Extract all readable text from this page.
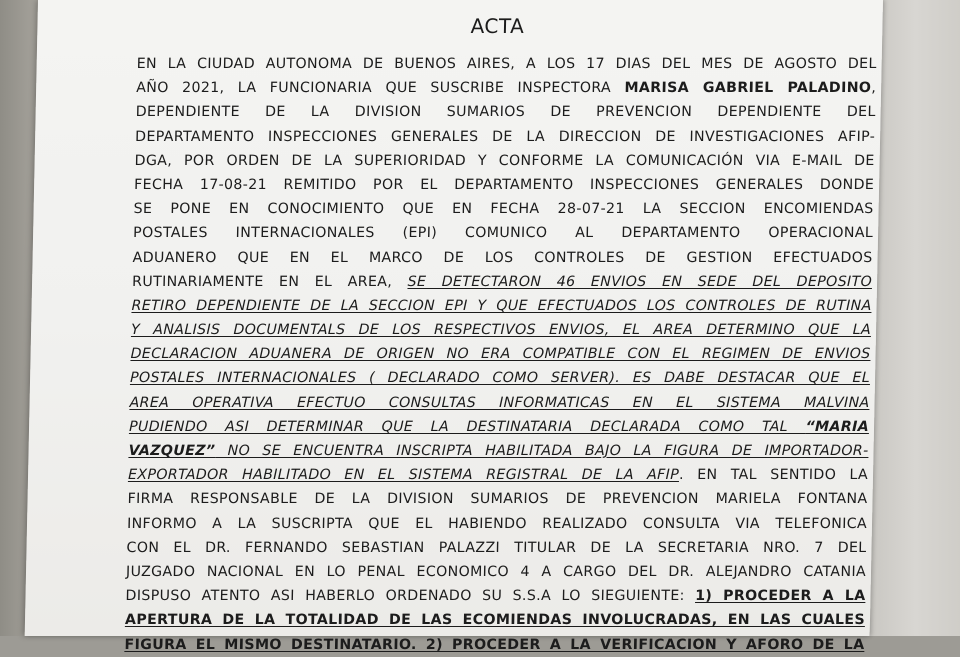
ACTA
EN LA CIUDAD AUTONOMA DE BUENOS AIRES, A LOS 17 DIAS DEL MES DE AGOSTO DEL
AÑO 2021, LA FUNCIONARIA QUE SUSCRIBE INSPECTORA MARISA GABRIEL PALADINO,
DEPENDIENTE DE LA DIVISION SUMARIOS DE PREVENCION DEPENDIENTE DEL
DEPARTAMENTO INSPECCIONES GENERALES DE LA DIRECCION DE INVESTIGACIONES AFIP-
DGA, POR ORDEN DE LA SUPERIORIDAD Y CONFORME LA COMUNICACIÓN VIA E-MAIL DE
FECHA 17-08-21 REMITIDO POR EL DEPARTAMENTO INSPECCIONES GENERALES DONDE
SE PONE EN CONOCIMIENTO QUE EN FECHA 28-07-21 LA SECCION ENCOMIENDAS
POSTALES INTERNACIONALES (EPI) COMUNICO AL DEPARTAMENTO OPERACIONAL
ADUANERO QUE EN EL MARCO DE LOS CONTROLES DE GESTION EFECTUADOS
RUTINARIAMENTE EN EL AREA, SE DETECTARON 46 ENVIOS EN SEDE DEL DEPOSITO
RETIRO DEPENDIENTE DE LA SECCION EPI Y QUE EFECTUADOS LOS CONTROLES DE RUTINA
Y ANALISIS DOCUMENTALS DE LOS RESPECTIVOS ENVIOS, EL AREA DETERMINO QUE LA
DECLARACION ADUANERA DE ORIGEN NO ERA COMPATIBLE CON EL REGIMEN DE ENVIOS
POSTALES INTERNACIONALES ( DECLARADO COMO SERVER). ES DABE DESTACAR QUE EL
AREA OPERATIVA EFECTUO CONSULTAS INFORMATICAS EN EL SISTEMA MALVINA
PUDIENDO ASI DETERMINAR QUE LA DESTINATARIA DECLARADA COMO TAL “MARIA
VAZQUEZ” NO SE ENCUENTRA INSCRIPTA HABILITADA BAJO LA FIGURA DE IMPORTADOR-
EXPORTADOR HABILITADO EN EL SISTEMA REGISTRAL DE LA AFIP. EN TAL SENTIDO LA
FIRMA RESPONSABLE DE LA DIVISION SUMARIOS DE PREVENCION MARIELA FONTANA
INFORMO A LA SUSCRIPTA QUE EL HABIENDO REALIZADO CONSULTA VIA TELEFONICA
CON EL DR. FERNANDO SEBASTIAN PALAZZI TITULAR DE LA SECRETARIA NRO. 7 DEL
JUZGADO NACIONAL EN LO PENAL ECONOMICO 4 A CARGO DEL DR. ALEJANDRO CATANIA
DISPUSO ATENTO ASI HABERLO ORDENADO SU S.S.A LO SIEGUIENTE: 1) PROCEDER A LA
APERTURA DE LA TOTALIDAD DE LAS ECOMIENDAS INVOLUCRADAS, EN LAS CUALES
FIGURA EL MISMO DESTINATARIO. 2) PROCEDER A LA VERIFICACION Y AFORO DE LA
